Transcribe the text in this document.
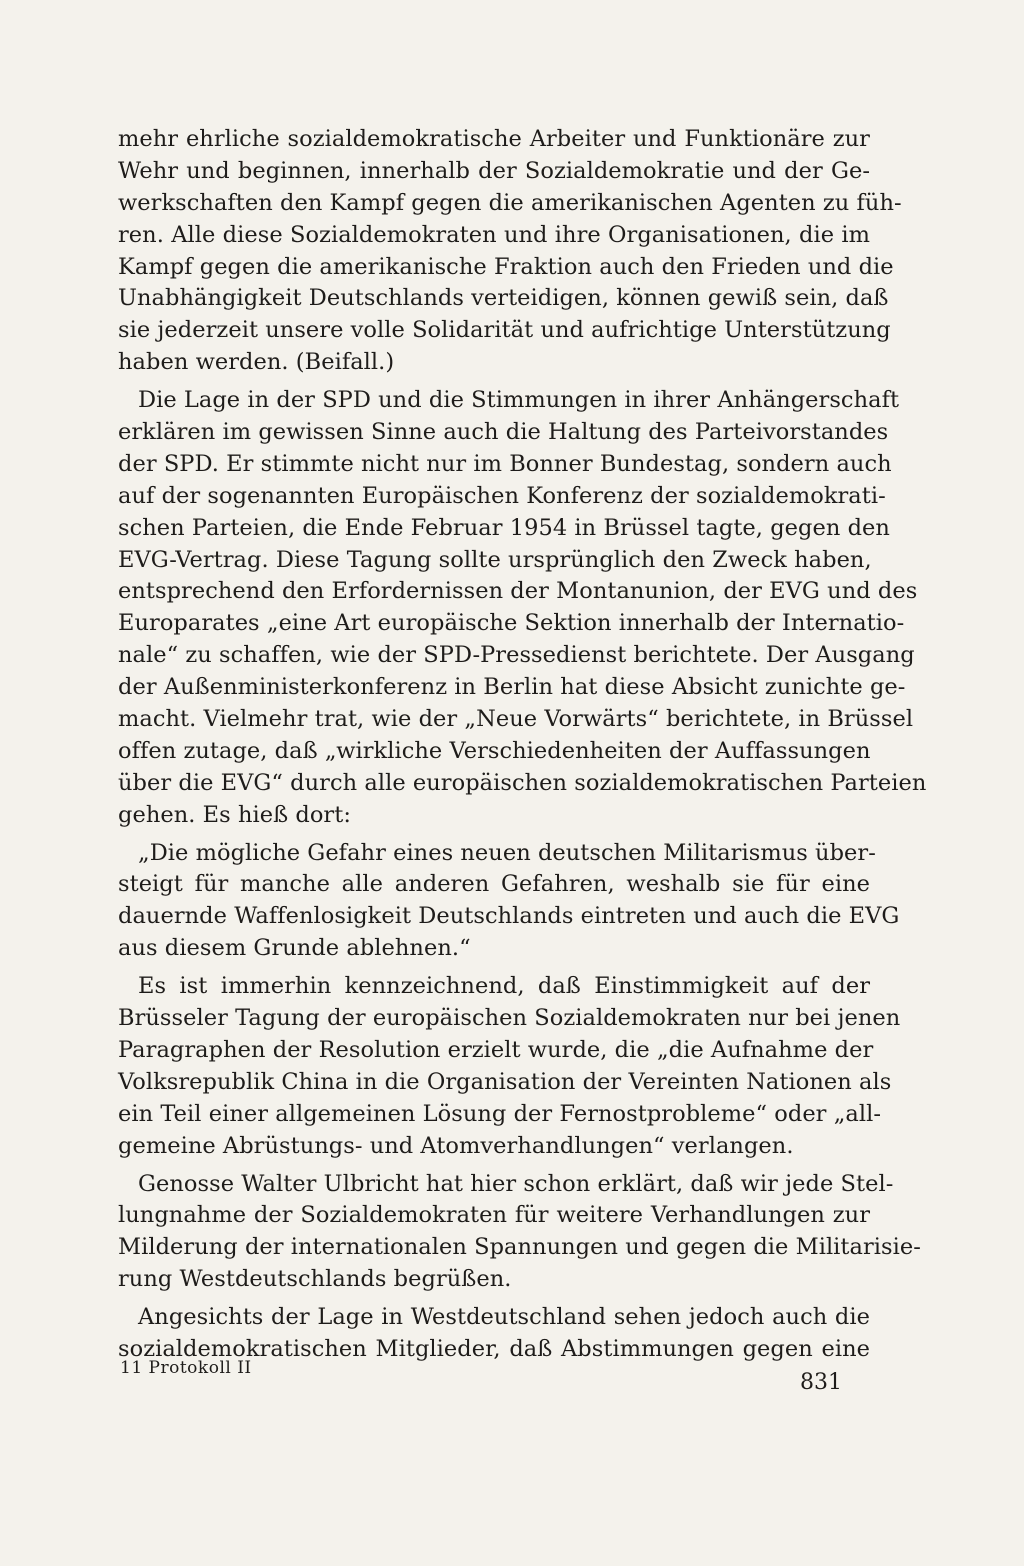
mehr ehrliche sozialdemokratische Arbeiter und Funktionäre zur
Wehr und beginnen, innerhalb der Sozialdemokratie und der Ge-
werkschaften den Kampf gegen die amerikanischen Agenten zu füh-
ren. Alle diese Sozialdemokraten und ihre Organisationen, die im
Kampf gegen die amerikanische Fraktion auch den Frieden und die
Unabhängigkeit Deutschlands verteidigen, können gewiß sein, daß
sie jederzeit unsere volle Solidarität und aufrichtige Unterstützung
haben werden. (Beifall.)
Die Lage in der SPD und die Stimmungen in ihrer Anhängerschaft
erklären im gewissen Sinne auch die Haltung des Parteivorstandes
der SPD. Er stimmte nicht nur im Bonner Bundestag, sondern auch
auf der sogenannten Europäischen Konferenz der sozialdemokrati-
schen Parteien, die Ende Februar 1954 in Brüssel tagte, gegen den
EVG-Vertrag. Diese Tagung sollte ursprünglich den Zweck haben,
entsprechend den Erfordernissen der Montanunion, der EVG und des
Europarates „eine Art europäische Sektion innerhalb der Internatio-
nale“ zu schaffen, wie der SPD-Pressedienst berichtete. Der Ausgang
der Außenministerkonferenz in Berlin hat diese Absicht zunichte ge-
macht. Vielmehr trat, wie der „Neue Vorwärts“ berichtete, in Brüssel
offen zutage, daß „wirkliche Verschiedenheiten der Auffassungen
über die EVG“ durch alle europäischen sozialdemokratischen Parteien
gehen. Es hieß dort:
„Die mögliche Gefahr eines neuen deutschen Militarismus über-
steigt für manche alle anderen Gefahren, weshalb sie für eine
dauernde Waffenlosigkeit Deutschlands eintreten und auch die EVG
aus diesem Grunde ablehnen.“
Es ist immerhin kennzeichnend, daß Einstimmigkeit auf der
Brüsseler Tagung der europäischen Sozialdemokraten nur bei jenen
Paragraphen der Resolution erzielt wurde, die „die Aufnahme der
Volksrepublik China in die Organisation der Vereinten Nationen als
ein Teil einer allgemeinen Lösung der Fernostprobleme“ oder „all-
gemeine Abrüstungs- und Atomverhandlungen“ verlangen.
Genosse Walter Ulbricht hat hier schon erklärt, daß wir jede Stel-
lungnahme der Sozialdemokraten für weitere Verhandlungen zur
Milderung der internationalen Spannungen und gegen die Militarisie-
rung Westdeutschlands begrüßen.
Angesichts der Lage in Westdeutschland sehen jedoch auch die
sozialdemokratischen Mitglieder, daß Abstimmungen gegen eine
11 Protokoll II
831
